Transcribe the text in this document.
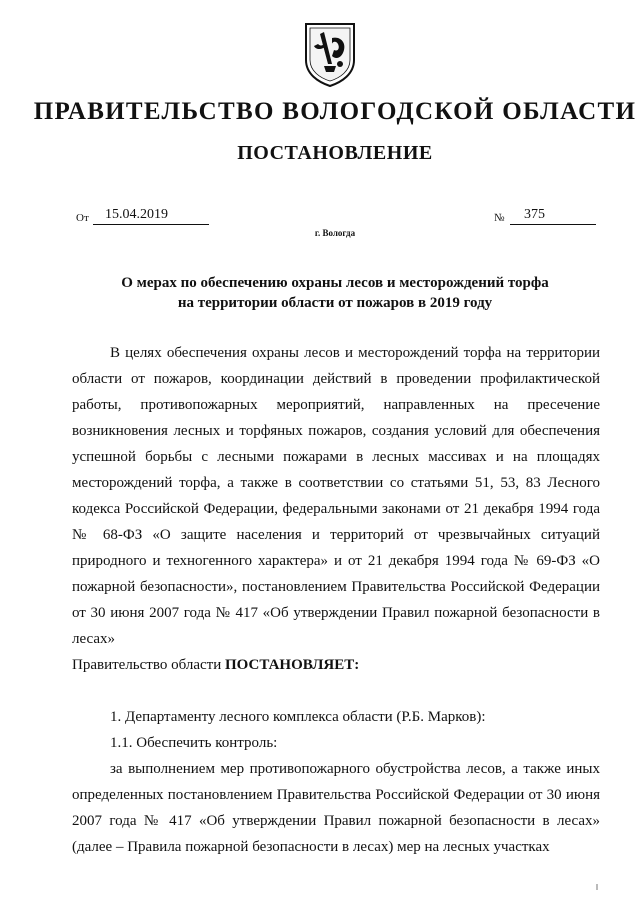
ПРАВИТЕЛЬСТВО ВОЛОГОДСКОЙ ОБЛАСТИ
ПОСТАНОВЛЕНИЕ
От	15.04.2019	№	375
г. Вологда
О мерах по обеспечению охраны лесов и месторождений торфа
на территории области от пожаров в 2019 году

В целях обеспечения охраны лесов и месторождений торфа на территории области от пожаров, координации действий в проведении профилактической работы, противопожарных мероприятий, направленных на пресечение возникновения лесных и торфяных пожаров, создания условий для обеспечения успешной борьбы с лесными пожарами в лесных массивах и на площадях месторождений торфа, а также в соответствии со статьями 51, 53, 83 Лесного кодекса Российской Федерации, федеральными законами от 21 декабря 1994 года № 68-ФЗ «О защите населения и территорий от чрезвычайных ситуаций природного и техногенного характера» и от 21 декабря 1994 года № 69-ФЗ «О пожарной безопасности», постановлением Правительства Российской Федерации от 30 июня 2007 года № 417 «Об утверждении Правил пожарной безопасности в лесах»

Правительство области ПОСТАНОВЛЯЕТ:

1. Департаменту лесного комплекса области (Р.Б. Марков):

1.1. Обеспечить контроль:

за выполнением мер противопожарного обустройства лесов, а также иных определенных постановлением Правительства Российской Федерации от 30 июня 2007 года № 417 «Об утверждении Правил пожарной безопасности в лесах» (далее – Правила пожарной безопасности в лесах) мер на лесных участках
